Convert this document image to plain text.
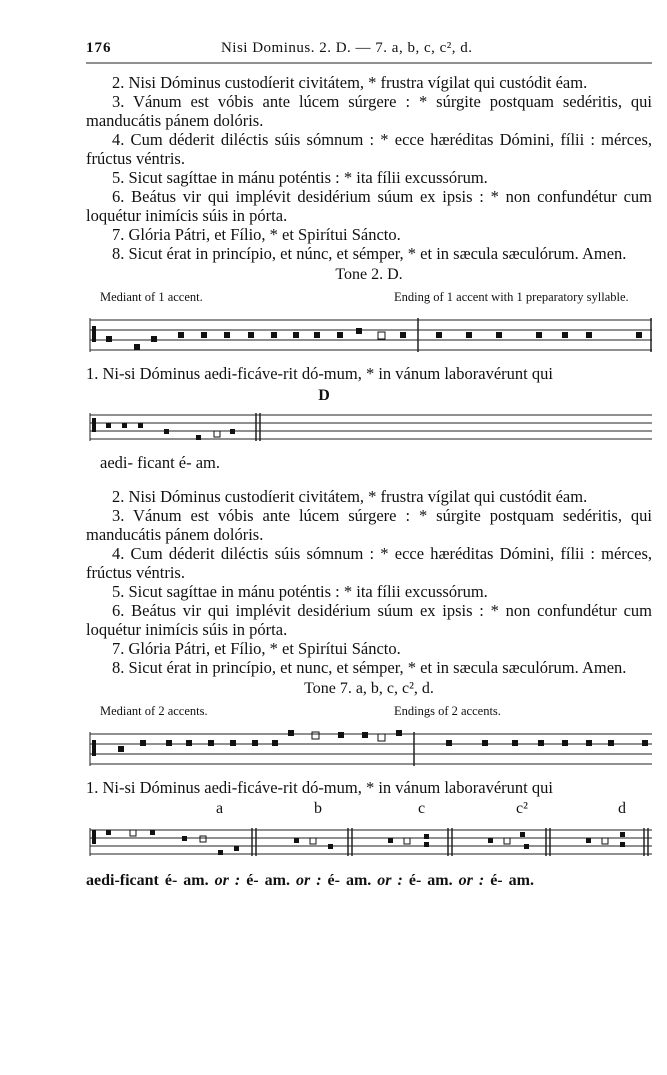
176	Nisi Dominus. 2. D. — 7. a, b, c, c², d.

2. Nisi Dóminus custodíerit civitátem, * frustra vígilat qui custódit éam.

3. Vánum est vóbis ante lúcem súrgere : * súrgite postquam sedéritis, qui manducátis pánem dolóris.

4. Cum déderit diléctis súis sómnum : * ecce hæréditas Dómini, fílii : mérces, frúctus véntris.

5. Sicut sagíttae in mánu poténtis : * ita fílii excussórum.

6. Beátus vir qui implévit desidérium súum ex ipsis : * non confundétur cum loquétur inimícis súis in pórta.

7. Glória Pátri, et Fílio, * et Spirítui Sáncto.

8. Sicut érat in princípio, et núnc, et sémper, * et in sæcula sæculórum. Amen.

Tone 2. D.
Mediant of 1 accent.	Ending of 1 accent with 1 preparatory syllable.
1. Ni-si Dóminus aedi-ficáve-rit dó-mum, * in vánum laboravérunt qui
D
aedi- ficant é- am.

2. Nisi Dóminus custodíerit civitátem, * frustra vígilat qui custódit éam.

3. Vánum est vóbis ante lúcem súrgere : * súrgite postquam sedéritis, qui manducátis pánem dolóris.

4. Cum déderit diléctis súis sómnum : * ecce hæréditas Dómini, fílii : mérces, frúctus véntris.

5. Sicut sagíttae in mánu poténtis : * ita fílii excussórum.

6. Beátus vir qui implévit desidérium súum ex ipsis : * non confundétur cum loquétur inimícis súis in pórta.

7. Glória Pátri, et Fílio, * et Spirítui Sáncto.

8. Sicut érat in princípio, et nunc, et sémper, * et in sæcula sæculórum. Amen.

Tone 7. a, b, c, c², d.
Mediant of 2 accents.	Endings of 2 accents.
1. Ni-si Dóminus aedi-ficáve-rit dó-mum, * in vánum laboravérunt qui
a	b	c	c²	d
aedi-ficant é- am. or : é- am. or : é- am. or : é- am. or : é- am.
